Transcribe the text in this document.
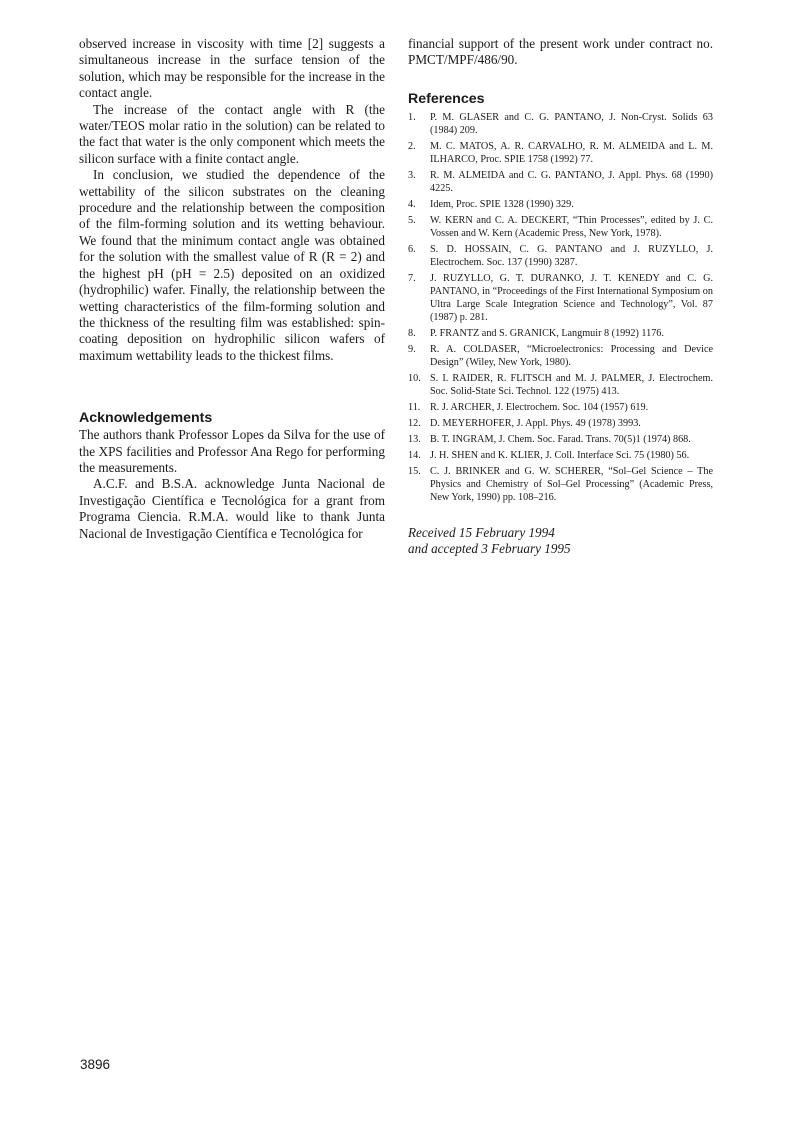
observed increase in viscosity with time [2] suggests a simultaneous increase in the surface tension of the solution, which may be responsible for the increase in the contact angle.

The increase of the contact angle with R (the water/TEOS molar ratio in the solution) can be related to the fact that water is the only component which meets the silicon surface with a finite contact angle.

In conclusion, we studied the dependence of the wettability of the silicon substrates on the cleaning procedure and the relationship between the composition of the film-forming solution and its wetting behaviour. We found that the minimum contact angle was obtained for the solution with the smallest value of R (R = 2) and the highest pH (pH = 2.5) deposited on an oxidized (hydrophilic) wafer. Finally, the relationship between the wetting characteristics of the film-forming solution and the thickness of the resulting film was established: spin-coating deposition on hydrophilic silicon wafers of maximum wettability leads to the thickest films.

Acknowledgements

The authors thank Professor Lopes da Silva for the use of the XPS facilities and Professor Ana Rego for performing the measurements.

A.C.F. and B.S.A. acknowledge Junta Nacional de Investigação Científica e Tecnológica for a grant from Programa Ciencia. R.M.A. would like to thank Junta Nacional de Investigação Científica e Tecnológica for

financial support of the present work under contract no. PMCT/MPF/486/90.

References
1.	P. M. GLASER and C. G. PANTANO, J. Non-Cryst. Solids 63 (1984) 209.
2.	M. C. MATOS, A. R. CARVALHO, R. M. ALMEIDA and L. M. ILHARCO, Proc. SPIE 1758 (1992) 77.
3.	R. M. ALMEIDA and C. G. PANTANO, J. Appl. Phys. 68 (1990) 4225.
4.	Idem, Proc. SPIE 1328 (1990) 329.
5.	W. KERN and C. A. DECKERT, “Thin Processes”, edited by J. C. Vossen and W. Kern (Academic Press, New York, 1978).
6.	S. D. HOSSAIN, C. G. PANTANO and J. RUZYLLO, J. Electrochem. Soc. 137 (1990) 3287.
7.	J. RUZYLLO, G. T. DURANKO, J. T. KENEDY and C. G. PANTANO, in “Proceedings of the First International Symposium on Ultra Large Scale Integration Science and Technology”, Vol. 87 (1987) p. 281.
8.	P. FRANTZ and S. GRANICK, Langmuir 8 (1992) 1176.
9.	R. A. COLDASER, “Microelectronics: Processing and Device Design” (Wiley, New York, 1980).
10. S. I. RAIDER, R. FLITSCH and M. J. PALMER, J. Electrochem. Soc. Solid-State Sci. Technol. 122 (1975) 413.
11. R. J. ARCHER, J. Electrochem. Soc. 104 (1957) 619.
12. D. MEYERHOFER, J. Appl. Phys. 49 (1978) 3993.
13. B. T. INGRAM, J. Chem. Soc. Farad. Trans. 70(5)1 (1974) 868.
14. J. H. SHEN and K. KLIER, J. Coll. Interface Sci. 75 (1980) 56.
15. C. J. BRINKER and G. W. SCHERER, “Sol–Gel Science – The Physics and Chemistry of Sol–Gel Processing” (Academic Press, New York, 1990) pp. 108–216.
Received 15 February 1994
and accepted 3 February 1995
3896
